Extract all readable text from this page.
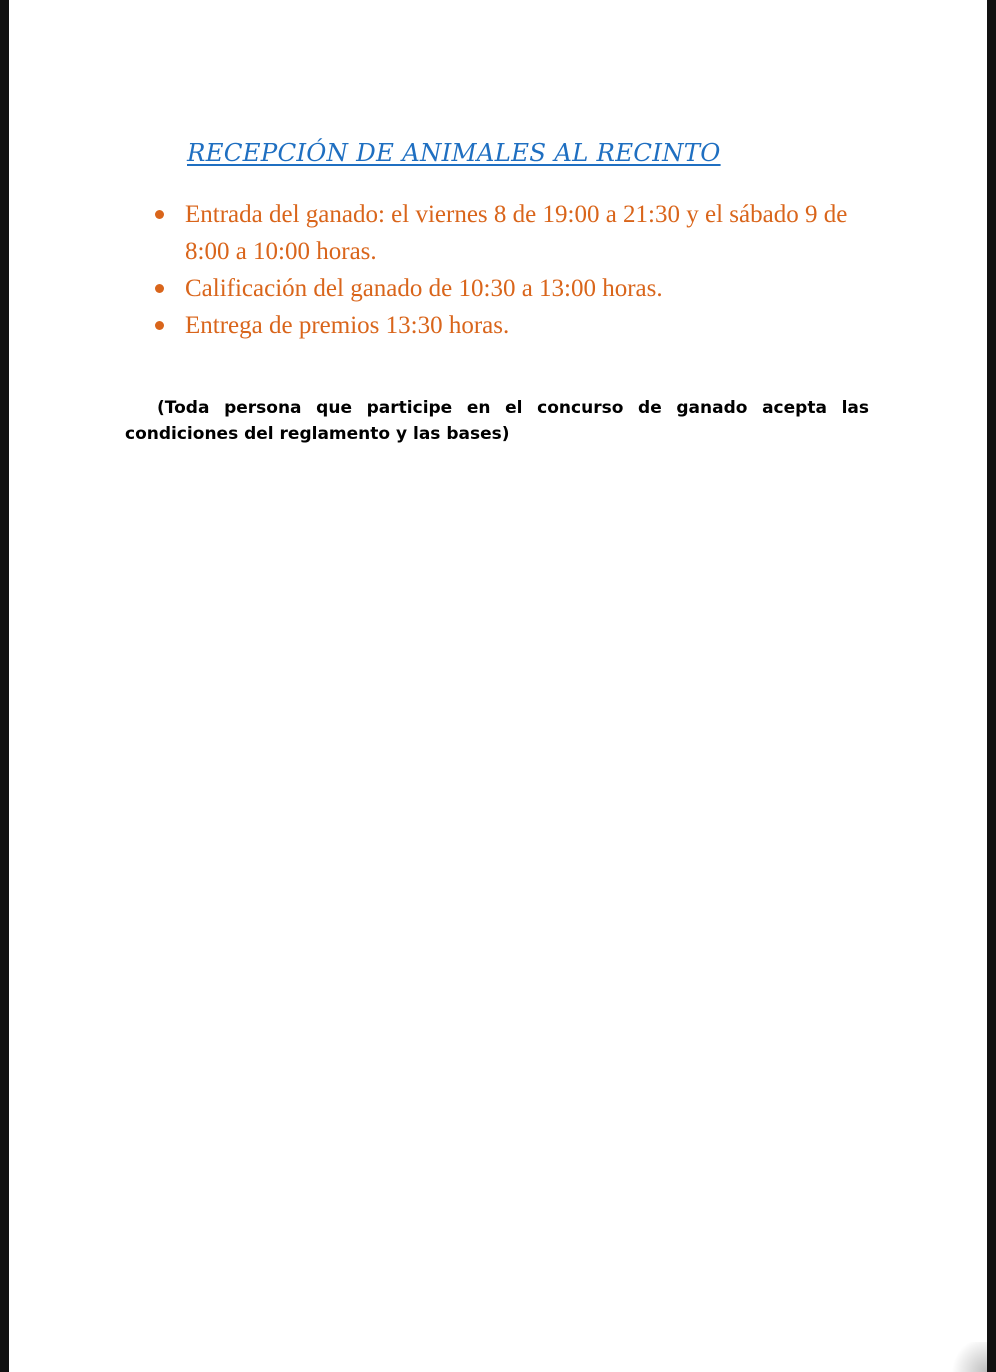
RECEPCIÓN DE ANIMALES AL RECINTO
Entrada del ganado: el viernes 8 de 19:00 a 21:30 y el sábado 9 de 8:00 a 10:00 horas.
Calificación del ganado de 10:30 a 13:00 horas.
Entrega de premios 13:30 horas.

(Toda persona que participe en el concurso de ganado acepta las condiciones del reglamento y las bases)
